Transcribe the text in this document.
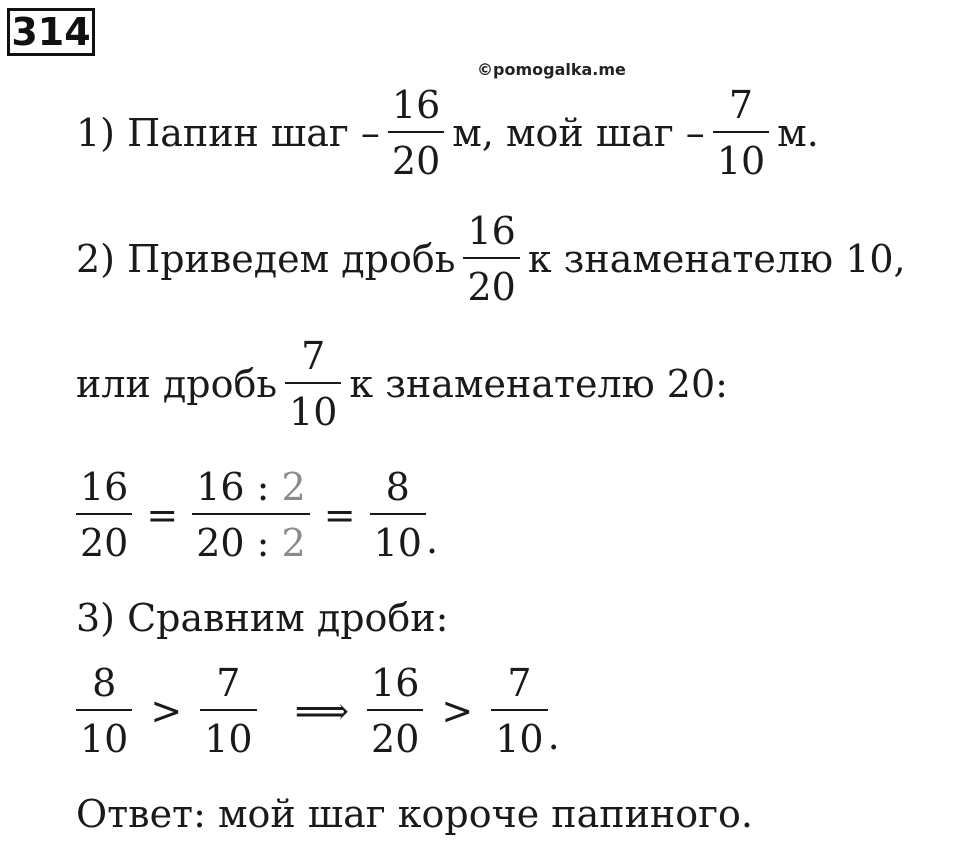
314
©pomogalka.me
1) Папин шаг – $\frac{16}{20} м$, мой шаг – $\frac{7}{10} м$.
2) Приведем дробь $\frac{16}{20}$ к знаменателю 10,
или дробь $\frac{7}{10}$ к знаменателю 20:
$\frac{16}{20} = \frac{16 : 2}{20 : 2} = \frac{8}{10}$ .
3) Сравним дроби:
$\frac{8}{10} > \frac{7}{10}$ ⟹ $\frac{16}{20} > \frac{7}{10}$ .
Ответ: мой шаг короче папиного.
